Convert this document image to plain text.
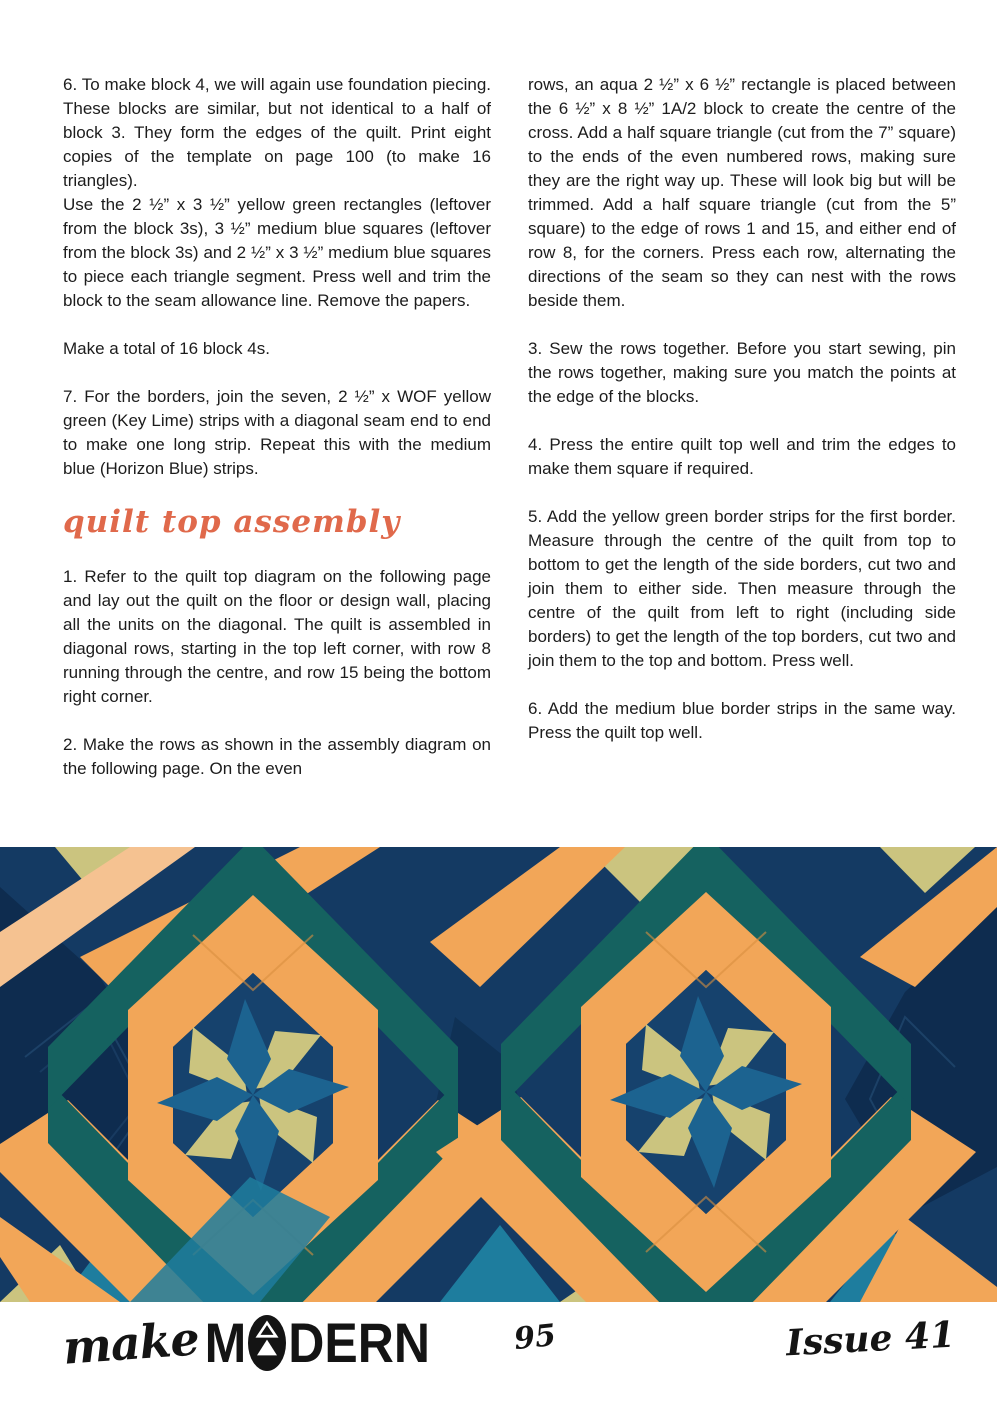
6. To make block 4, we will again use foundation piecing. These blocks are similar, but not identical to a half of block 3. They form the edges of the quilt. Print eight copies of the template on page 100 (to make 16 triangles).

Use the 2 ½” x 3 ½” yellow green rectangles (leftover from the block 3s), 3 ½” medium blue squares (leftover from the block 3s) and 2 ½” x 3 ½” medium blue squares to piece each triangle segment. Press well and trim the block to the seam allowance line. Remove the papers.

Make a total of 16 block 4s.

7. For the borders, join the seven, 2 ½” x WOF yellow green (Key Lime) strips with a diagonal seam end to end to make one long strip. Repeat this with the medium blue (Horizon Blue) strips.

quilt top assembly

1. Refer to the quilt top diagram on the following page and lay out the quilt on the floor or design wall, placing all the units on the diagonal. The quilt is assembled in diagonal rows, starting in the top left corner, with row 8 running through the centre, and row 15 being the bottom right corner.

2. Make the rows as shown in the assembly diagram on the following page. On the even

rows, an aqua 2 ½” x 6 ½” rectangle is placed between the 6 ½” x 8 ½” 1A/2 block to create the centre of the cross. Add a half square triangle (cut from the 7” square) to the ends of the even numbered rows, making sure they are the right way up. These will look big but will be trimmed. Add a half square triangle (cut from the 5” square) to the edge of rows 1 and 15, and either end of row 8, for the corners. Press each row, alternating the directions of the seam so they can nest with the rows beside them.

3. Sew the rows together. Before you start sewing, pin the rows together, making sure you match the points at the edge of the blocks.

4. Press the entire quilt top well and trim the edges to make them square if required.

5. Add the yellow green border strips for the first border. Measure through the centre of the quilt from top to bottom to get the length of the side borders, cut two and join them to either side. Then measure through the centre of the quilt from left to right (including side borders) to get the length of the top borders, cut two and join them to the top and bottom. Press well.

6. Add the medium blue border strips in the same way. Press the quilt top well.

make M DERN	95	Issue 41
